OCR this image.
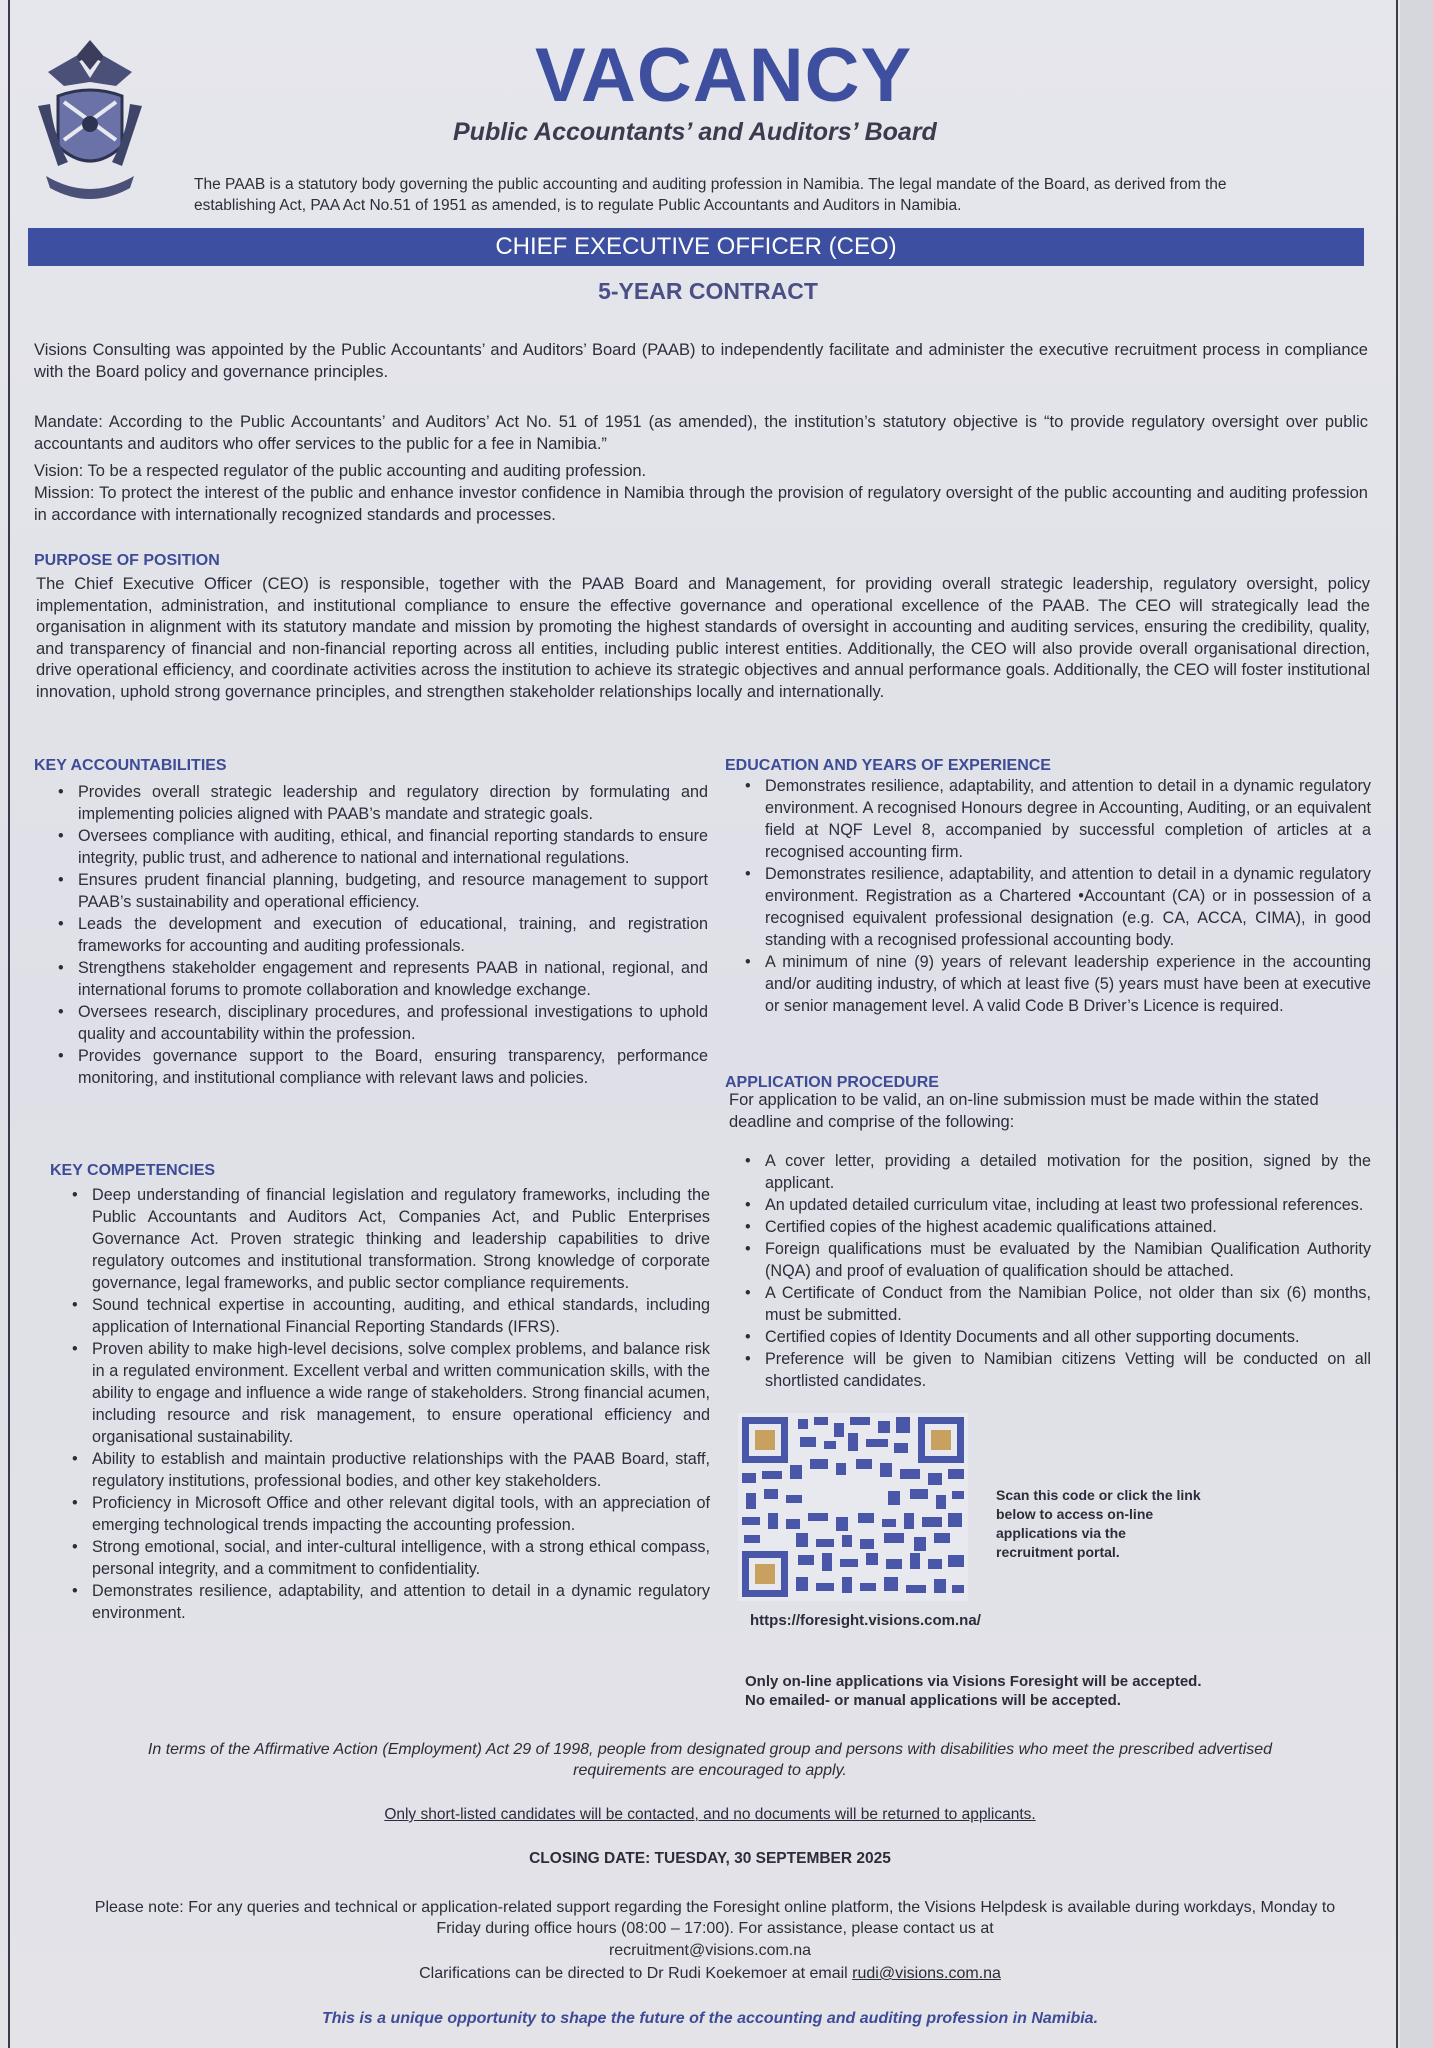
VACANCY
Public Accountants’ and Auditors’ Board
The PAAB is a statutory body governing the public accounting and auditing profession in Namibia. The legal mandate of the Board, as derived from the establishing Act, PAA Act No.51 of 1951 as amended, is to regulate Public Accountants and Auditors in Namibia.
CHIEF EXECUTIVE OFFICER (CEO)
5-YEAR CONTRACT
Visions Consulting was appointed by the Public Accountants’ and Auditors’ Board (PAAB) to independently facilitate and administer the executive recruitment process in compliance with the Board policy and governance principles.
Mandate: According to the Public Accountants’ and Auditors’ Act No. 51 of 1951 (as amended), the institution’s statutory objective is “to provide regulatory oversight over public accountants and auditors who offer services to the public for a fee in Namibia.”
Vision: To be a respected regulator of the public accounting and auditing profession.
Mission: To protect the interest of the public and enhance investor confidence in Namibia through the provision of regulatory oversight of the public accounting and auditing profession in accordance with internationally recognized standards and processes.
PURPOSE OF POSITION
The Chief Executive Officer (CEO) is responsible, together with the PAAB Board and Management, for providing overall strategic leadership, regulatory oversight, policy implementation, administration, and institutional compliance to ensure the effective governance and operational excellence of the PAAB. The CEO will strategically lead the organisation in alignment with its statutory mandate and mission by promoting the highest standards of oversight in accounting and auditing services, ensuring the credibility, quality, and transparency of financial and non-financial reporting across all entities, including public interest entities. Additionally, the CEO will also provide overall organisational direction, drive operational efficiency, and coordinate activities across the institution to achieve its strategic objectives and annual performance goals. Additionally, the CEO will foster institutional innovation, uphold strong governance principles, and strengthen stakeholder relationships locally and internationally.
KEY ACCOUNTABILITIES
• Provides overall strategic leadership and regulatory direction by formulating and implementing policies aligned with PAAB’s mandate and strategic goals.
• Oversees compliance with auditing, ethical, and financial reporting standards to ensure integrity, public trust, and adherence to national and international regulations.
• Ensures prudent financial planning, budgeting, and resource management to support PAAB’s sustainability and operational efficiency.
• Leads the development and execution of educational, training, and registration frameworks for accounting and auditing professionals.
• Strengthens stakeholder engagement and represents PAAB in national, regional, and international forums to promote collaboration and knowledge exchange.
• Oversees research, disciplinary procedures, and professional investigations to uphold quality and accountability within the profession.
• Provides governance support to the Board, ensuring transparency, performance monitoring, and institutional compliance with relevant laws and policies.
KEY COMPETENCIES
• Deep understanding of financial legislation and regulatory frameworks, including the Public Accountants and Auditors Act, Companies Act, and Public Enterprises Governance Act. Proven strategic thinking and leadership capabilities to drive regulatory outcomes and institutional transformation. Strong knowledge of corporate governance, legal frameworks, and public sector compliance requirements.
• Sound technical expertise in accounting, auditing, and ethical standards, including application of International Financial Reporting Standards (IFRS).
• Proven ability to make high-level decisions, solve complex problems, and balance risk in a regulated environment. Excellent verbal and written communication skills, with the ability to engage and influence a wide range of stakeholders. Strong financial acumen, including resource and risk management, to ensure operational efficiency and organisational sustainability.
• Ability to establish and maintain productive relationships with the PAAB Board, staff, regulatory institutions, professional bodies, and other key stakeholders.
• Proficiency in Microsoft Office and other relevant digital tools, with an appreciation of emerging technological trends impacting the accounting profession.
• Strong emotional, social, and inter-cultural intelligence, with a strong ethical compass, personal integrity, and a commitment to confidentiality.
• Demonstrates resilience, adaptability, and attention to detail in a dynamic regulatory environment.
EDUCATION AND YEARS OF EXPERIENCE
• Demonstrates resilience, adaptability, and attention to detail in a dynamic regulatory environment. A recognised Honours degree in Accounting, Auditing, or an equivalent field at NQF Level 8, accompanied by successful completion of articles at a recognised accounting firm.
• Demonstrates resilience, adaptability, and attention to detail in a dynamic regulatory environment. Registration as a Chartered •Accountant (CA) or in possession of a recognised equivalent professional designation (e.g. CA, ACCA, CIMA), in good standing with a recognised professional accounting body.
• A minimum of nine (9) years of relevant leadership experience in the accounting and/or auditing industry, of which at least five (5) years must have been at executive or senior management level. A valid Code B Driver’s Licence is required.
APPLICATION PROCEDURE
For application to be valid, an on-line submission must be made within the stated deadline and comprise of the following:
• A cover letter, providing a detailed motivation for the position, signed by the applicant.
• An updated detailed curriculum vitae, including at least two professional references.
• Certified copies of the highest academic qualifications attained.
• Foreign qualifications must be evaluated by the Namibian Qualification Authority (NQA) and proof of evaluation of qualification should be attached.
• A Certificate of Conduct from the Namibian Police, not older than six (6) months, must be submitted.
• Certified copies of Identity Documents and all other supporting documents.
• Preference will be given to Namibian citizens Vetting will be conducted on all shortlisted candidates.
Scan this code or click the link below to access on-line applications via the recruitment portal.
https://foresight.visions.com.na/
Only on-line applications via Visions Foresight will be accepted.
No emailed- or manual applications will be accepted.
In terms of the Affirmative Action (Employment) Act 29 of 1998, people from designated group and persons with disabilities who meet the prescribed advertised requirements are encouraged to apply.
Only short-listed candidates will be contacted, and no documents will be returned to applicants.
CLOSING DATE: TUESDAY, 30 SEPTEMBER 2025
Please note: For any queries and technical or application-related support regarding the Foresight online platform, the Visions Helpdesk is available during workdays, Monday to Friday during office hours (08:00 – 17:00). For assistance, please contact us at
recruitment@visions.com.na
Clarifications can be directed to Dr Rudi Koekemoer at email rudi@visions.com.na
This is a unique opportunity to shape the future of the accounting and auditing profession in Namibia.
